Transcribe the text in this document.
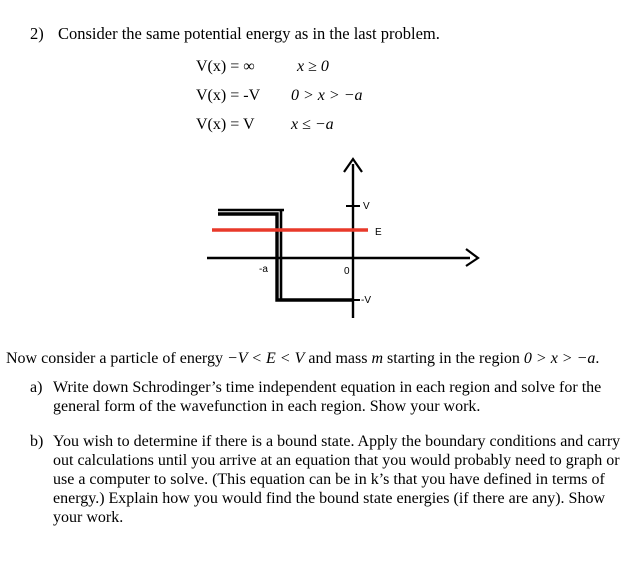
2) Consider the same potential energy as in the last problem.
V(x) = ∞	x ≥ 0
V(x) = -V 0 > x > −a
V(x) = V x ≤ −a
V
E
-V
-a	0
Now consider a particle of energy −V < E < V and mass m starting in the region 0 > x > −a.
a) Write down Schrodinger’s time independent equation in each region and solve for the
general form of the wavefunction in each region. Show your work.
b) You wish to determine if there is a bound state. Apply the boundary conditions and carry
out calculations until you arrive at an equation that you would probably need to graph or
use a computer to solve. (This equation can be in k’s that you have defined in terms of
energy.) Explain how you would find the bound state energies (if there are any). Show
your work.
